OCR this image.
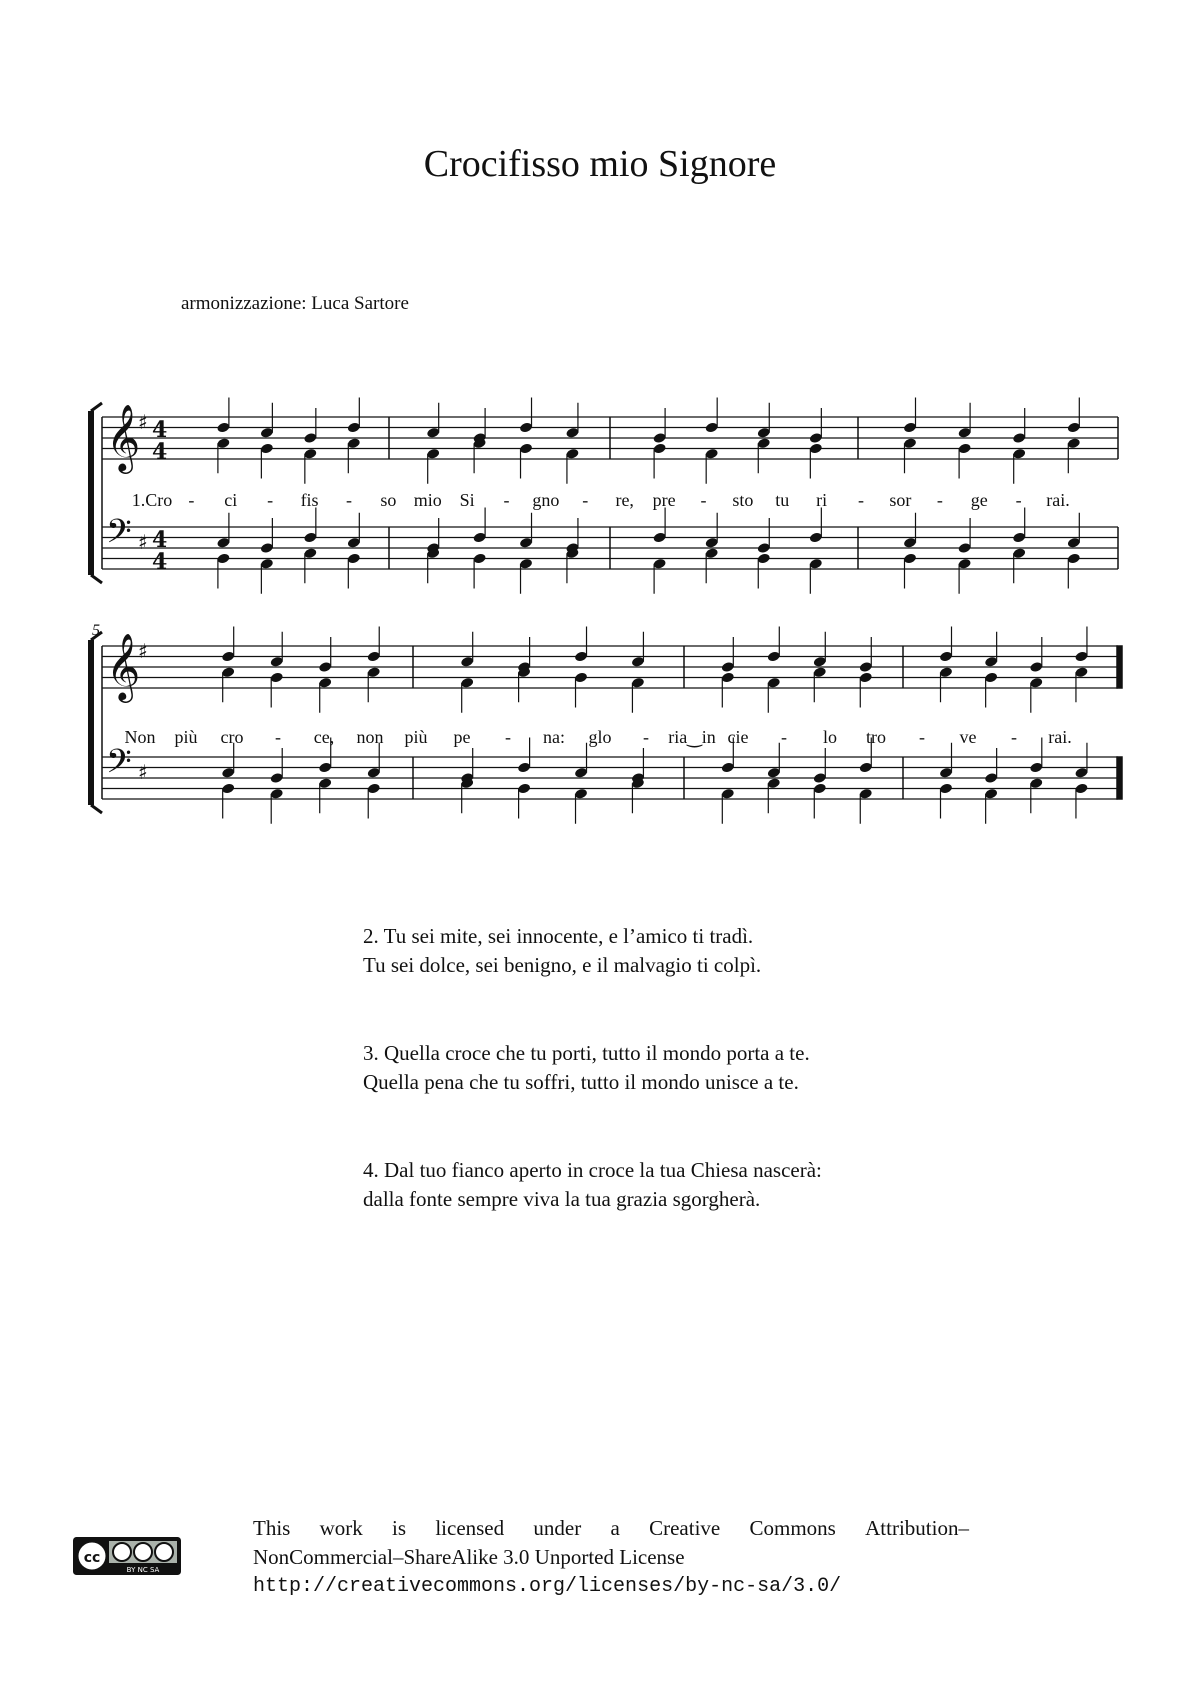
Crocifisso mio Signore
armonizzazione: Luca Sartore
𝄞
♯ 4
4
𝄢 ♯ 4
4
𝄞
♯
𝄢 ♯
5
1.Cro - ci - fis - so mio Si - gno - re, pre - sto tu ri - sor - ge - rai.
Non più cro - ce, non più pe - na: glo - ria‿in cie - lo tro - ve - rai.
2. Tu sei mite, sei innocente, e l’amico ti tradì.
Tu sei dolce, sei benigno, e il malvagio ti colpì.
3. Quella croce che tu porti, tutto il mondo porta a te.
Quella pena che tu soffri, tutto il mondo unisce a te.
4. Dal tuo fianco aperto in croce la tua Chiesa nascerà:
dalla fonte sempre viva la tua grazia sgorgherà.
cc
BY NC SA
This work is licensed under a Creative Commons Attribution–
NonCommercial–ShareAlike 3.0 Unported License
http://creativecommons.org/licenses/by-nc-sa/3.0/
